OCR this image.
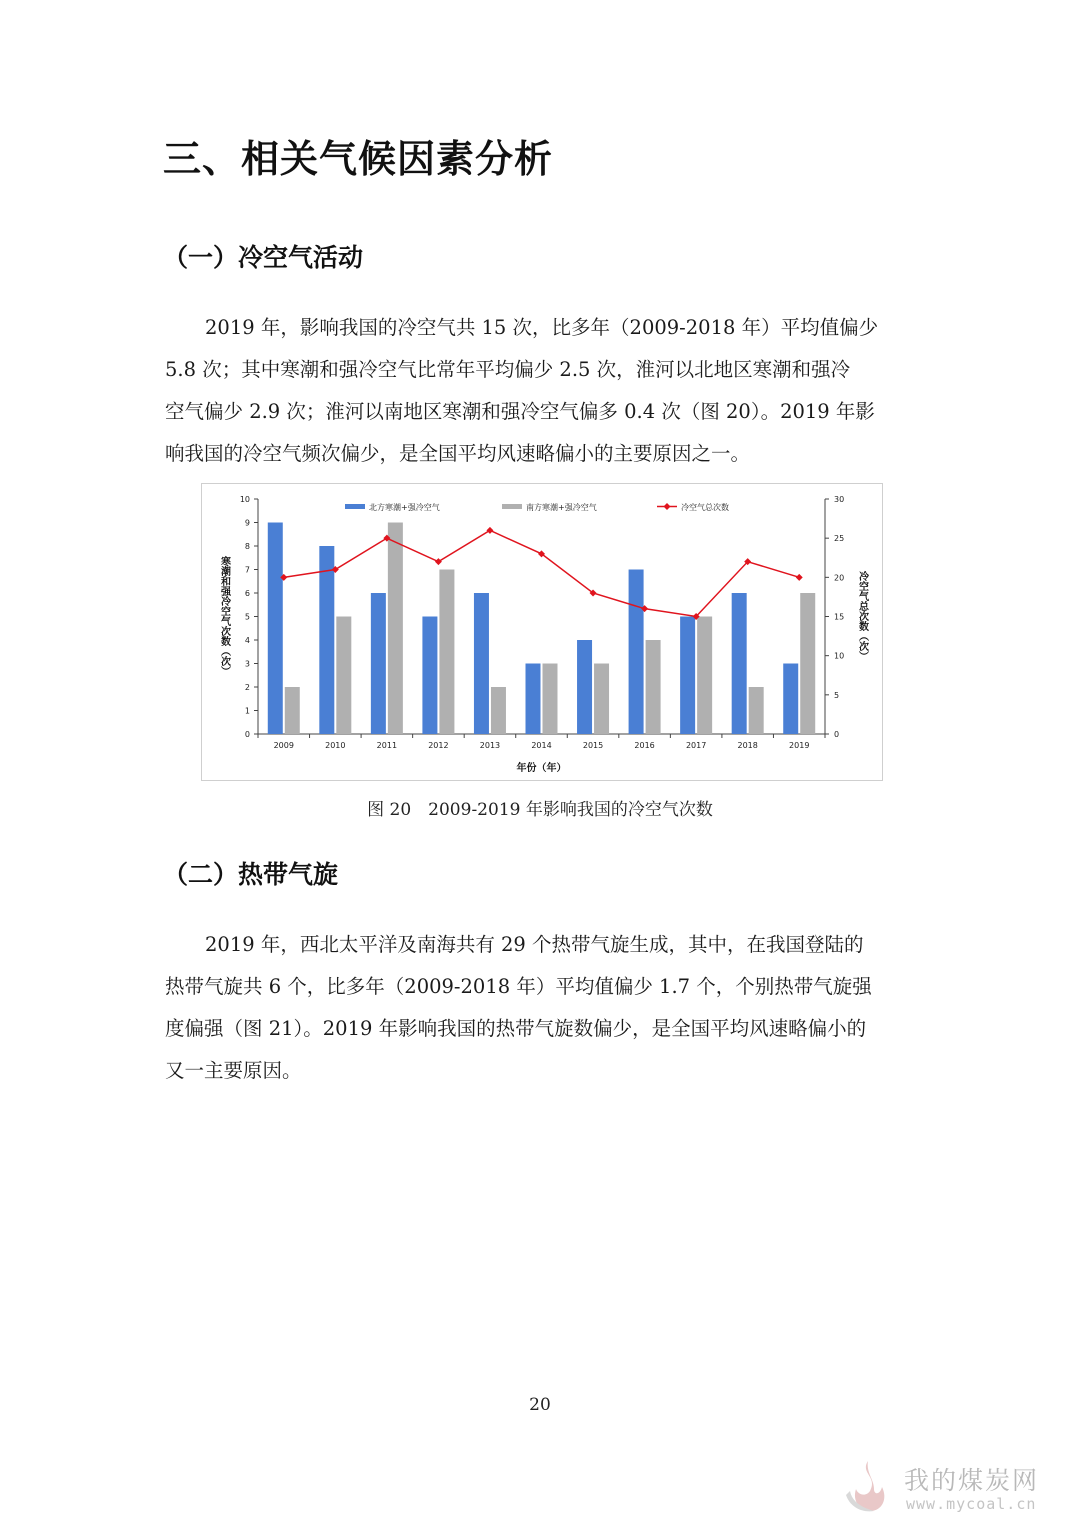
三、相关气候因素分析
（一）冷空气活动
2019 年，影响我国的冷空气共 15 次，比多年（2009-2018 年）平均值偏少
5.8 次；其中寒潮和强冷空气比常年平均偏少 2.5 次，淮河以北地区寒潮和强冷
空气偏少 2.9 次；淮河以南地区寒潮和强冷空气偏多 0.4 次（图 20）。2019 年影
响我国的冷空气频次偏少，是全国平均风速略偏小的主要原因之一。
0
1
2
3
4
5
6
7
8
9
10
0
5
10
15
20
25
30
2009	2010	2011	2012	2013	2014	2015	2016	2017	2018	2019
北方寒潮+强冷空气	南方寒潮+强冷空气	冷空气总次数
年份（年）
寒潮和强冷空气次数（次）	冷空气总次数（次）
图 20　2009-2019 年影响我国的冷空气次数
（二）热带气旋
2019 年，西北太平洋及南海共有 29 个热带气旋生成，其中，在我国登陆的
热带气旋共 6 个，比多年（2009-2018 年）平均值偏少 1.7 个，个别热带气旋强
度偏强（图 21）。2019 年影响我国的热带气旋数偏少，是全国平均风速略偏小的
又一主要原因。
20
我的煤炭网
www.mycoal.cn
